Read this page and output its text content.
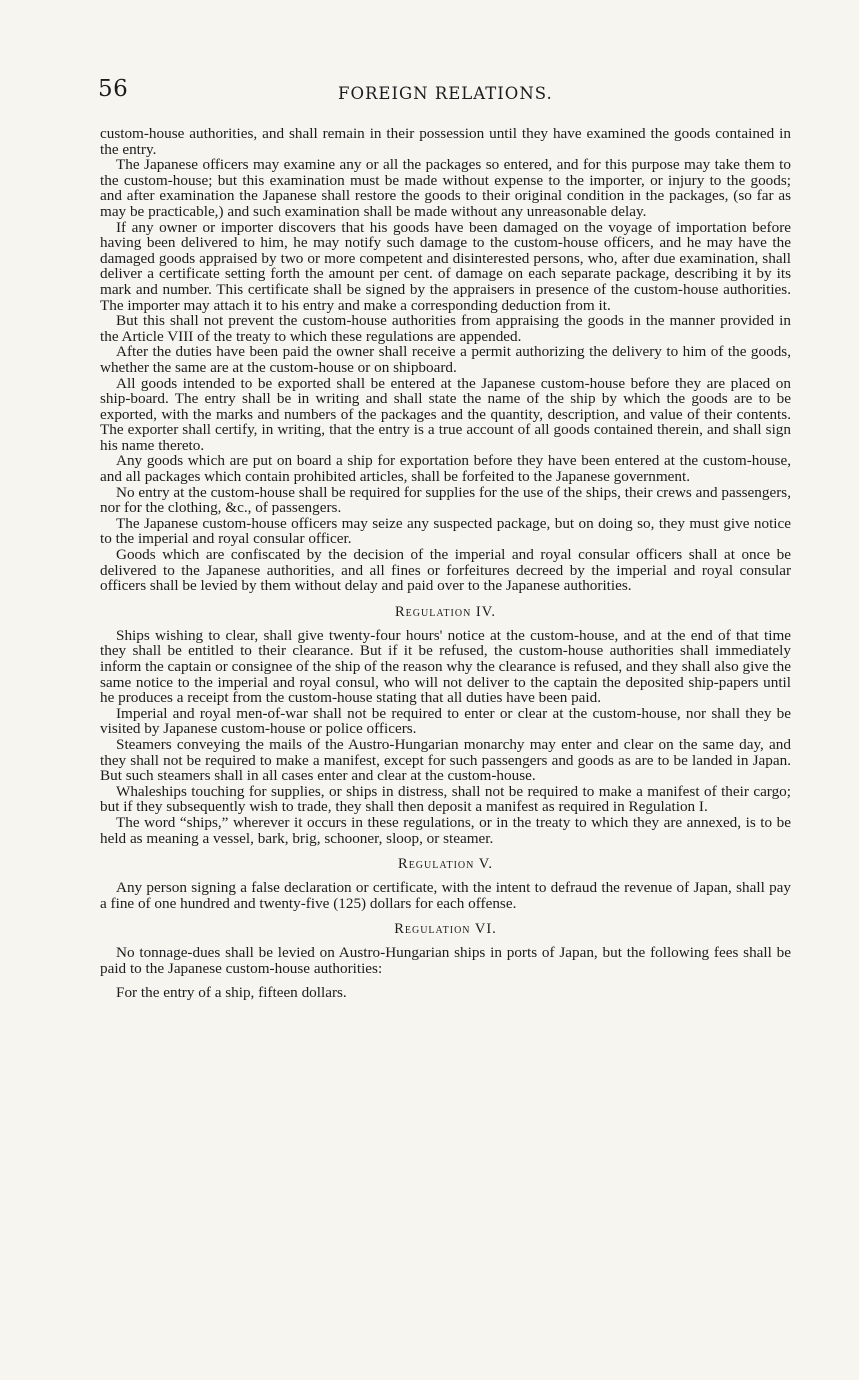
56	FOREIGN RELATIONS.

custom-house authorities, and shall remain in their possession until they have examined the goods contained in the entry.

The Japanese officers may examine any or all the packages so entered, and for this purpose may take them to the custom-house; but this examination must be made without expense to the importer, or injury to the goods; and after examination the Japanese shall restore the goods to their original condition in the packages, (so far as may be practicable,) and such examination shall be made without any unreasonable delay.

If any owner or importer discovers that his goods have been damaged on the voyage of importation before having been delivered to him, he may notify such damage to the custom-house officers, and he may have the damaged goods appraised by two or more competent and disinterested persons, who, after due examination, shall deliver a certificate setting forth the amount per cent. of damage on each separate package, describing it by its mark and number. This certificate shall be signed by the appraisers in presence of the custom-house authorities. The importer may attach it to his entry and make a corresponding deduction from it.

But this shall not prevent the custom-house authorities from appraising the goods in the manner provided in the Article VIII of the treaty to which these regulations are appended.

After the duties have been paid the owner shall receive a permit authorizing the delivery to him of the goods, whether the same are at the custom-house or on shipboard.

All goods intended to be exported shall be entered at the Japanese custom-house before they are placed on ship-board. The entry shall be in writing and shall state the name of the ship by which the goods are to be exported, with the marks and numbers of the packages and the quantity, description, and value of their contents. The exporter shall certify, in writing, that the entry is a true account of all goods contained therein, and shall sign his name thereto.

Any goods which are put on board a ship for exportation before they have been entered at the custom-house, and all packages which contain prohibited articles, shall be forfeited to the Japanese government.

No entry at the custom-house shall be required for supplies for the use of the ships, their crews and passengers, nor for the clothing, &c., of passengers.

The Japanese custom-house officers may seize any suspected package, but on doing so, they must give notice to the imperial and royal consular officer.

Goods which are confiscated by the decision of the imperial and royal consular officers shall at once be delivered to the Japanese authorities, and all fines or forfeitures decreed by the imperial and royal consular officers shall be levied by them without delay and paid over to the Japanese authorities.

Regulation IV.

Ships wishing to clear, shall give twenty-four hours' notice at the custom-house, and at the end of that time they shall be entitled to their clearance. But if it be refused, the custom-house authorities shall immediately inform the captain or consignee of the ship of the reason why the clearance is refused, and they shall also give the same notice to the imperial and royal consul, who will not deliver to the captain the deposited ship-papers until he produces a receipt from the custom-house stating that all duties have been paid.

Imperial and royal men-of-war shall not be required to enter or clear at the custom-house, nor shall they be visited by Japanese custom-house or police officers.

Steamers conveying the mails of the Austro-Hungarian monarchy may enter and clear on the same day, and they shall not be required to make a manifest, except for such passengers and goods as are to be landed in Japan. But such steamers shall in all cases enter and clear at the custom-house.

Whaleships touching for supplies, or ships in distress, shall not be required to make a manifest of their cargo; but if they subsequently wish to trade, they shall then deposit a manifest as required in Regulation I.

The word “ships,” wherever it occurs in these regulations, or in the treaty to which they are annexed, is to be held as meaning a vessel, bark, brig, schooner, sloop, or steamer.

Regulation V.

Any person signing a false declaration or certificate, with the intent to defraud the revenue of Japan, shall pay a fine of one hundred and twenty-five (125) dollars for each offense.

Regulation VI.

No tonnage-dues shall be levied on Austro-Hungarian ships in ports of Japan, but the following fees shall be paid to the Japanese custom-house authorities:

For the entry of a ship, fifteen dollars.
